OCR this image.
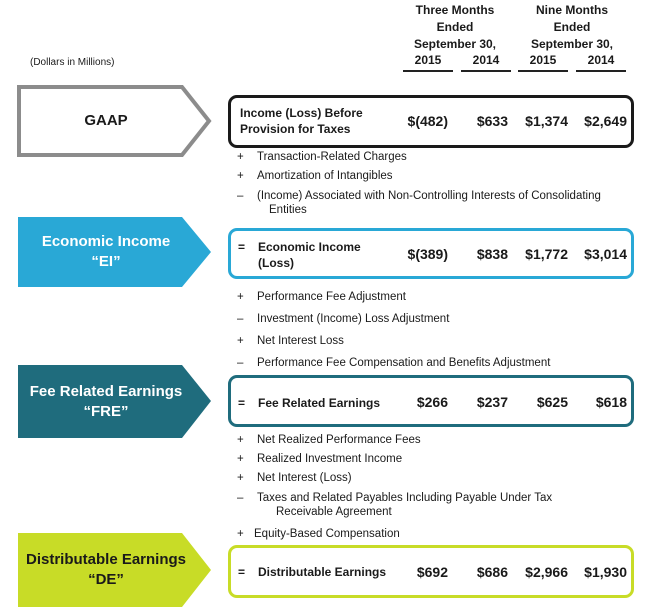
Three Months
Ended
September 30,
Nine Months
Ended
September 30,
2015	2014	2015	2014
(Dollars in Millions)
GAAP	Income (Loss) Before
Provision for Taxes	$(482)	$633	$1,374	$2,649
+ Transaction-Related Charges
+ Amortization of Intangibles
– (Income) Associated with Non-Controlling Interests of Consolidating
Entities
Economic Income
“EI”
= Economic Income
(Loss)
$(389)	$838	$1,772	$3,014
+ Performance Fee Adjustment
– Investment (Income) Loss Adjustment
+ Net Interest Loss
– Performance Fee Compensation and Benefits Adjustment
Fee Related Earnings
“FRE”	= Fee Related Earnings	$266	$237	$625	$618
+ Net Realized Performance Fees
+ Realized Investment Income
+ Net Interest (Loss)
– Taxes and Related Payables Including Payable Under Tax
Receivable Agreement
+ Equity-Based Compensation
Distributable Earnings
“DE”	= Distributable Earnings	$692	$686	$2,966	$1,930
